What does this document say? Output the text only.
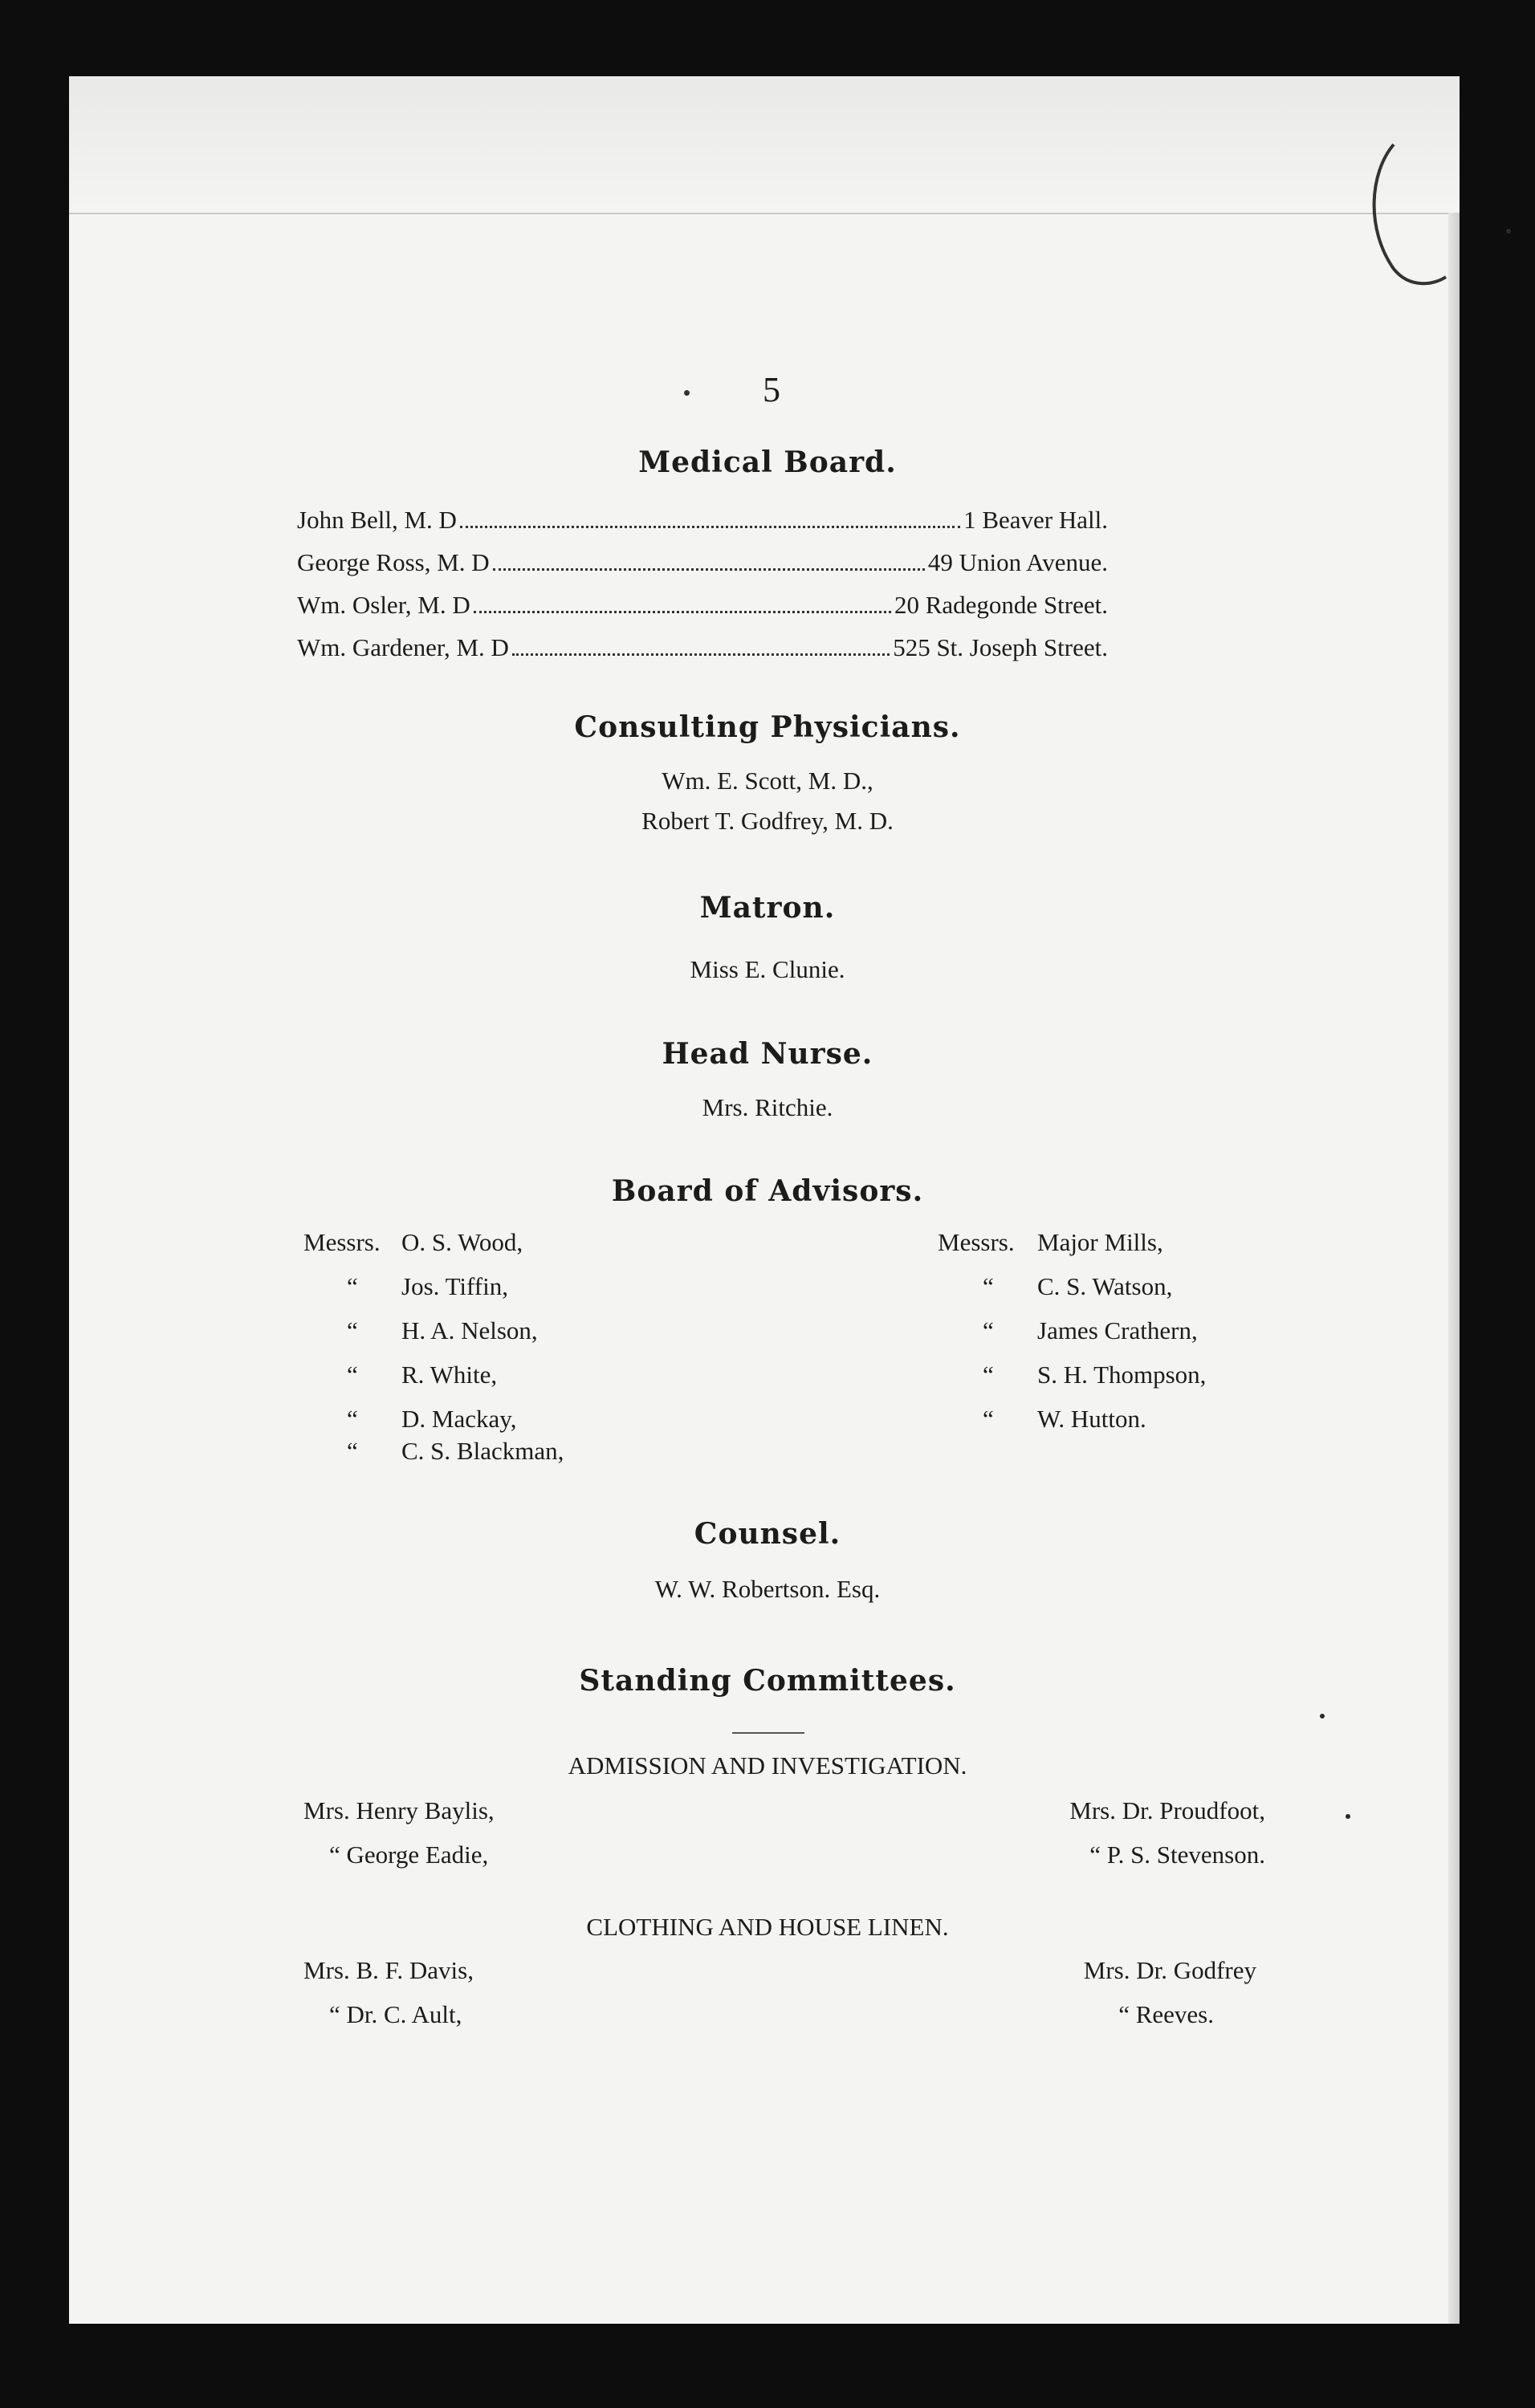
5
Medical Board.
John Bell, M. D	1 Beaver Hall.
George Ross, M. D	49 Union Avenue.
Wm. Osler, M. D	20 Radegonde Street.
Wm. Gardener, M. D	525 St. Joseph Street.
Consulting Physicians.
Wm. E. Scott, M. D.,
Robert T. Godfrey, M. D.
Matron.
Miss E. Clunie.
Head Nurse.
Mrs. Ritchie.
Board of Advisors.
Messrs. O. S. Wood,
“ Jos. Tiffin,
“ H. A. Nelson,
“ R. White,
“ D. Mackay,
“ C. S. Blackman,
Messrs. Major Mills,
“ C. S. Watson,
“ James Crathern,
“ S. H. Thompson,
“ W. Hutton.
Counsel.
W. W. Robertson. Esq.
Standing Committees.
ADMISSION AND INVESTIGATION.
Mrs. Henry Baylis,
“ George Eadie,
Mrs. Dr. Proudfoot,
“ P. S. Stevenson.
CLOTHING AND HOUSE LINEN.
Mrs. B. F. Davis,
“ Dr. C. Ault,
Mrs. Dr. Godfrey
“ Reeves.
